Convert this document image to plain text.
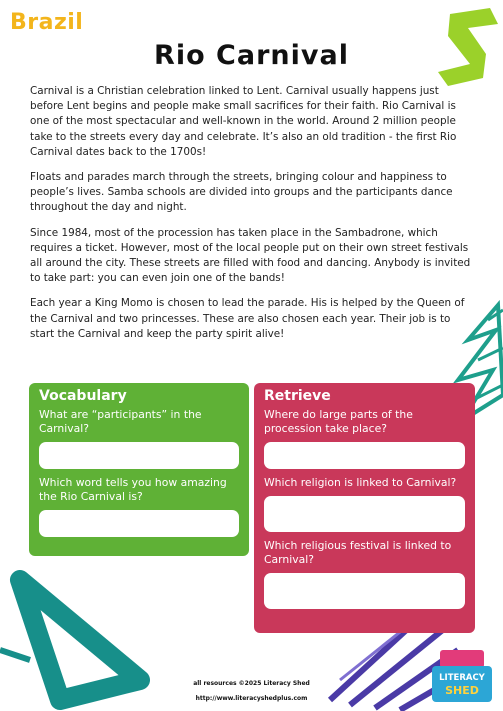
Brazil
Rio Carnival

Carnival is a Christian celebration linked to Lent. Carnival usually happens just before Lent begins and people make small sacrifices for their faith. Rio Carnival is one of the most spectacular and well-known in the world. Around 2 million people take to the streets every day and celebrate. It’s also an old tradition - the first Rio Carnival dates back to the 1700s!

Floats and parades march through the streets, bringing colour and happiness to people’s lives. Samba schools are divided into groups and the participants dance throughout the day and night.

Since 1984, most of the procession has taken place in the Sambadrone, which requires a ticket. However, most of the local people put on their own street festivals all around the city. These streets are filled with food and dancing. Anybody is invited to take part: you can even join one of the bands!

Each year a King Momo is chosen to lead the parade. His is helped by the Queen of the Carnival and two princesses. These are also chosen each year. Their job is to start the Carnival and keep the party spirit alive!

Vocabulary
What are “participants” in the Carnival?
Which word tells you how amazing the Rio Carnival is?
Retrieve
Where do large parts of the procession take place?
Which religion is linked to Carnival?
Which religious festival is linked to Carnival?
all resources ©2025 Literacy Shed
http://www.literacyshedplus.com
LITERACY
SHED
